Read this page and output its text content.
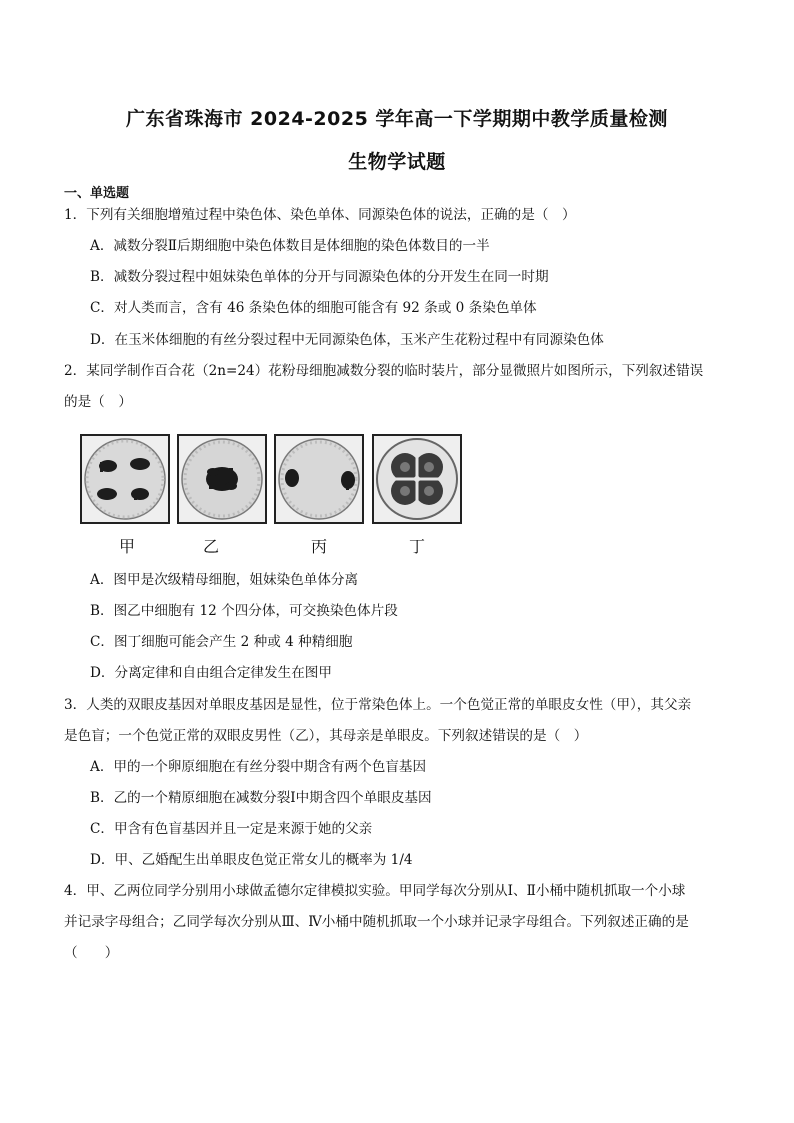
广东省珠海市 2024-2025 学年高一下学期期中教学质量检测
生物学试题
一、单选题
1．下列有关细胞增殖过程中染色体、染色单体、同源染色体的说法，正确的是（　）
A．减数分裂Ⅱ后期细胞中染色体数目是体细胞的染色体数目的一半
B．减数分裂过程中姐妹染色单体的分开与同源染色体的分开发生在同一时期
C．对人类而言，含有 46 条染色体的细胞可能含有 92 条或 0 条染色单体
D．在玉米体细胞的有丝分裂过程中无同源染色体，玉米产生花粉过程中有同源染色体
2．某同学制作百合花（2n=24）花粉母细胞减数分裂的临时装片，部分显微照片如图所示，下列叙述错误
的是（　）
甲	乙	丙	丁
A．图甲是次级精母细胞，姐妹染色单体分离
B．图乙中细胞有 12 个四分体，可交换染色体片段
C．图丁细胞可能会产生 2 种或 4 种精细胞
D．分离定律和自由组合定律发生在图甲
3．人类的双眼皮基因对单眼皮基因是显性，位于常染色体上。一个色觉正常的单眼皮女性（甲），其父亲
是色盲；一个色觉正常的双眼皮男性（乙），其母亲是单眼皮。下列叙述错误的是（　）
A．甲的一个卵原细胞在有丝分裂中期含有两个色盲基因
B．乙的一个精原细胞在减数分裂Ⅰ中期含四个单眼皮基因
C．甲含有色盲基因并且一定是来源于她的父亲
D．甲、乙婚配生出单眼皮色觉正常女儿的概率为 1/4
4．甲、乙两位同学分别用小球做孟德尔定律模拟实验。甲同学每次分别从Ⅰ、Ⅱ小桶中随机抓取一个小球
并记录字母组合；乙同学每次分别从Ⅲ、Ⅳ小桶中随机抓取一个小球并记录字母组合。下列叙述正确的是
（　　）
